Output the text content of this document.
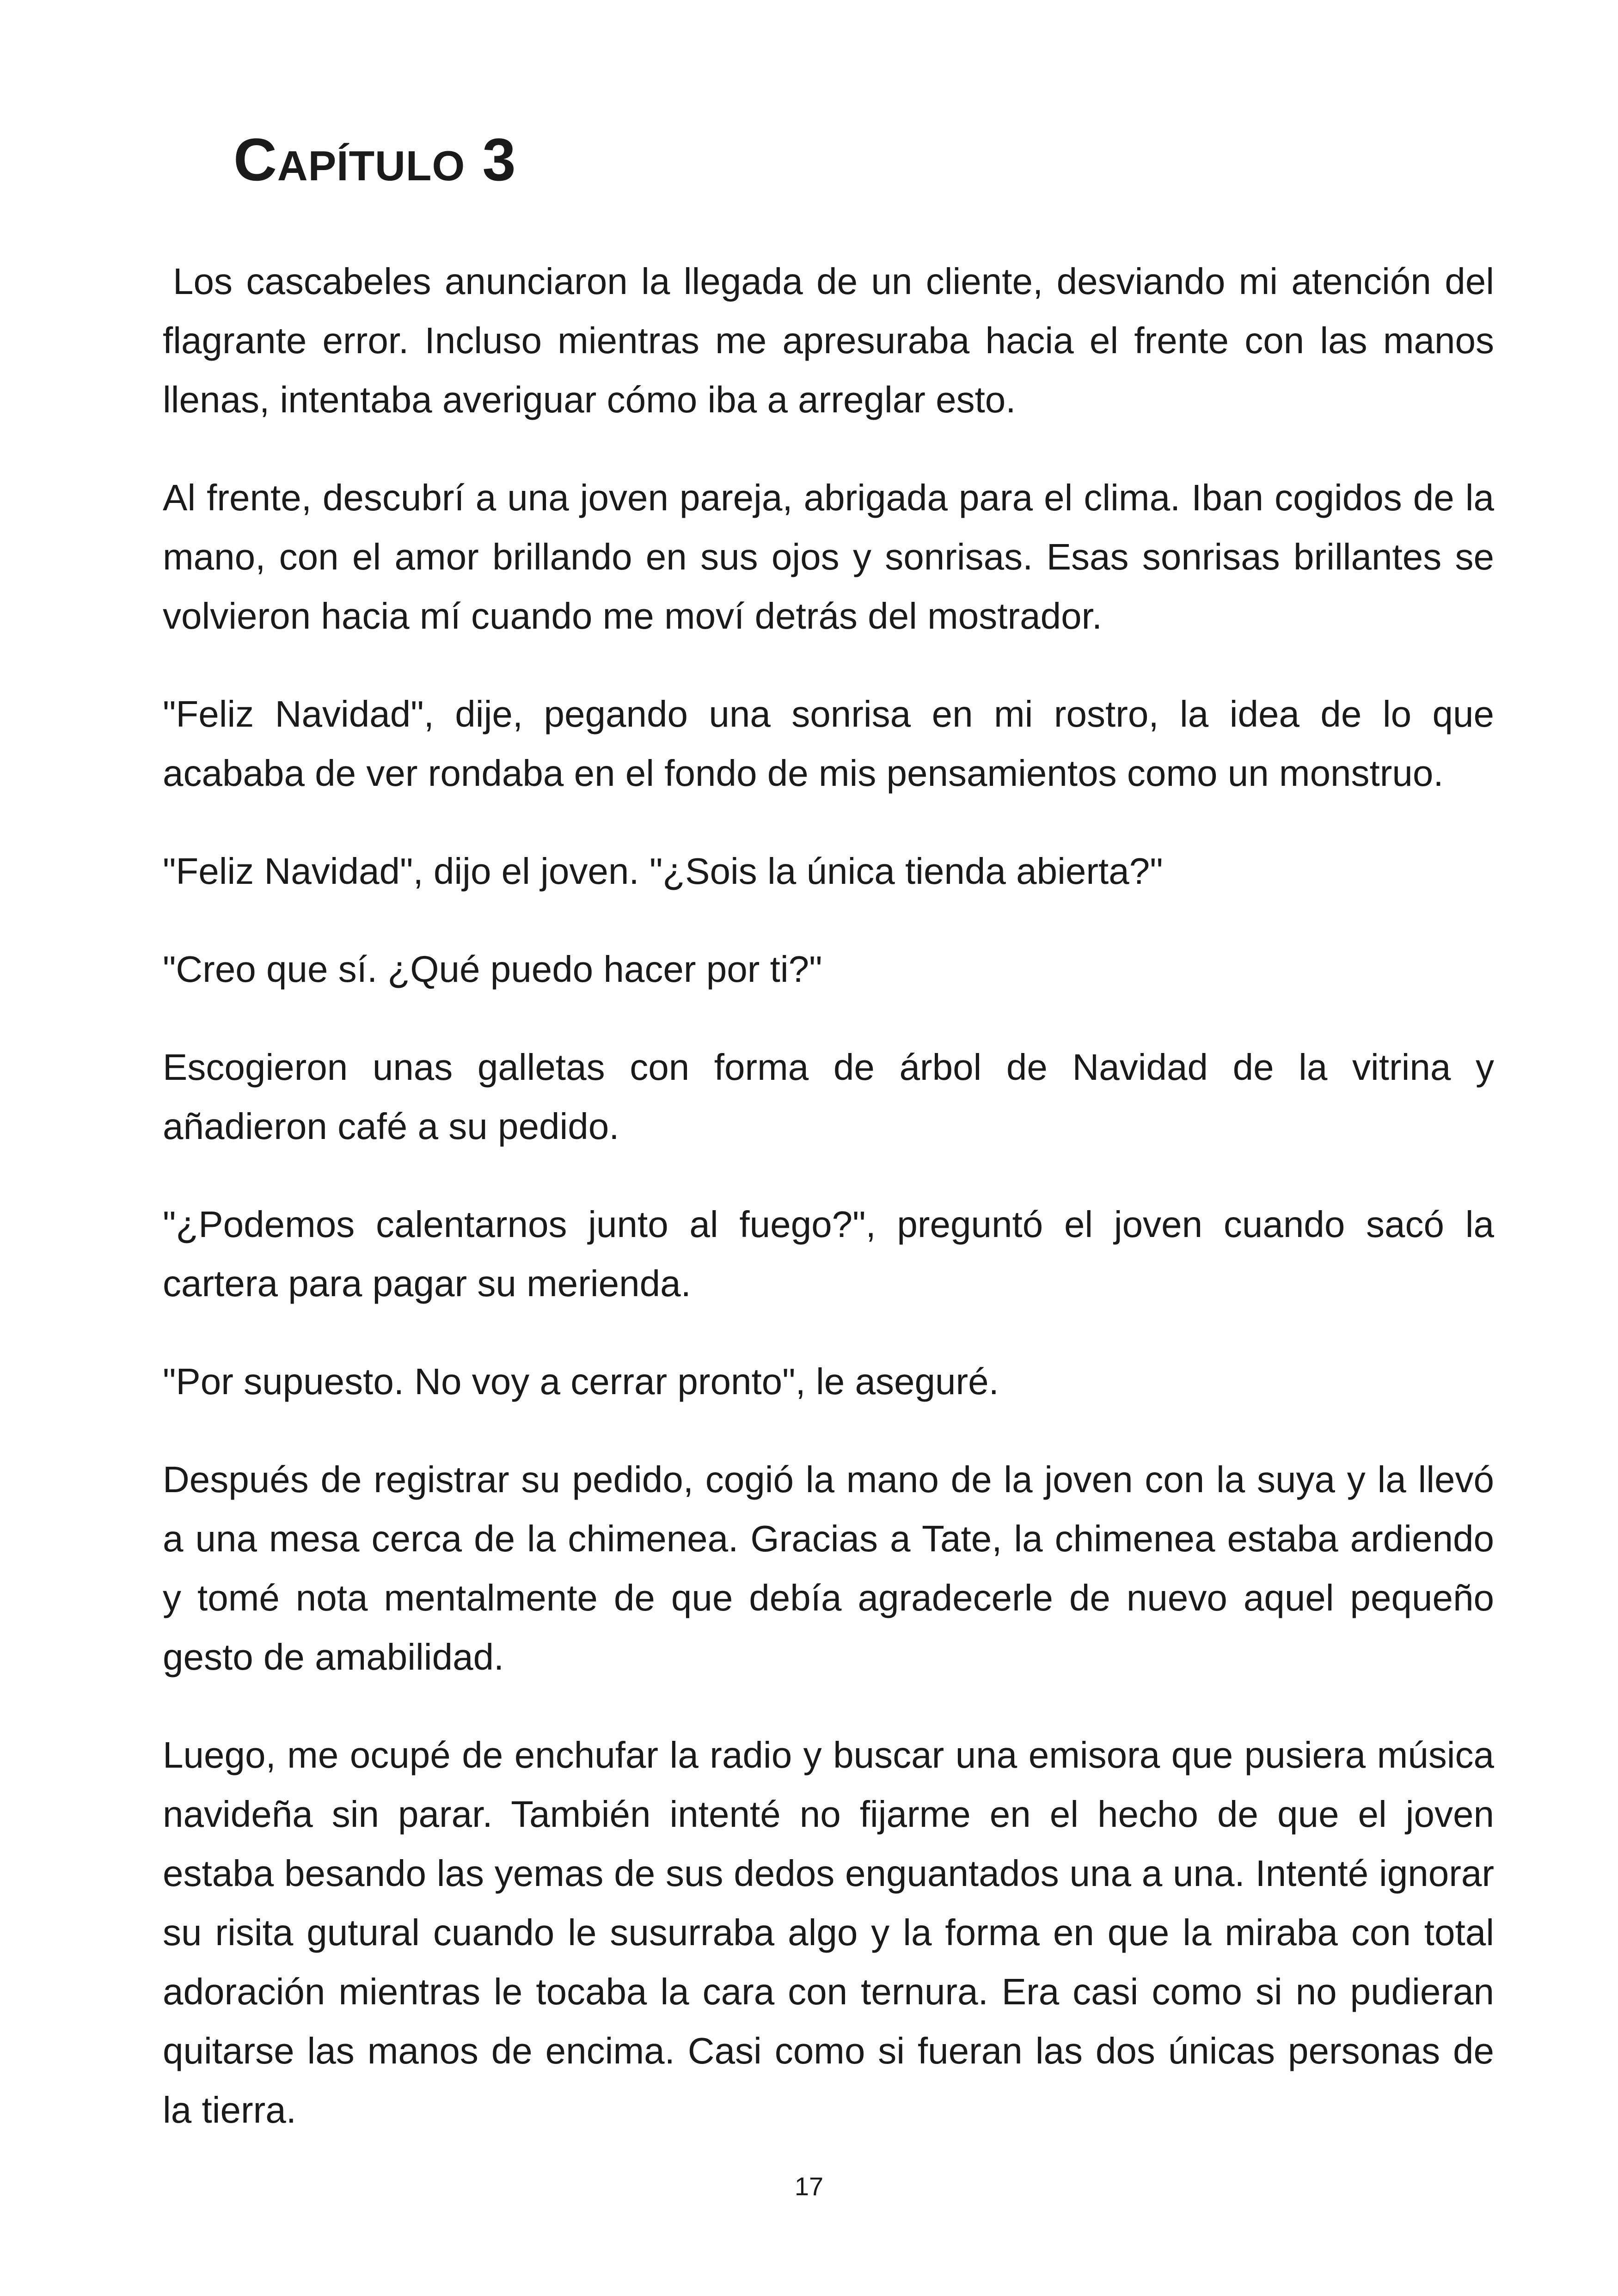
Capítulo 3

Los cascabeles anunciaron la llegada de un cliente, desviando mi atención del flagrante error. Incluso mientras me apresuraba hacia el frente con las manos llenas, intentaba averiguar cómo iba a arreglar esto.

Al frente, descubrí a una joven pareja, abrigada para el clima. Iban cogidos de la mano, con el amor brillando en sus ojos y sonrisas. Esas sonrisas brillantes se volvieron hacia mí cuando me moví detrás del mostrador.

"Feliz Navidad", dije, pegando una sonrisa en mi rostro, la idea de lo que acababa de ver rondaba en el fondo de mis pensamientos como un monstruo.

"Feliz Navidad", dijo el joven. "¿Sois la única tienda abierta?"

"Creo que sí. ¿Qué puedo hacer por ti?"

Escogieron unas galletas con forma de árbol de Navidad de la vitrina y añadieron café a su pedido.

"¿Podemos calentarnos junto al fuego?", preguntó el joven cuando sacó la cartera para pagar su merienda.

"Por supuesto. No voy a cerrar pronto", le aseguré.

Después de registrar su pedido, cogió la mano de la joven con la suya y la llevó a una mesa cerca de la chimenea. Gracias a Tate, la chimenea estaba ardiendo y tomé nota mentalmente de que debía agradecerle de nuevo aquel pequeño gesto de amabilidad.

Luego, me ocupé de enchufar la radio y buscar una emisora que pusiera música navideña sin parar. También intenté no fijarme en el hecho de que el joven estaba besando las yemas de sus dedos enguantados una a una. Intenté ignorar su risita gutural cuando le susurraba algo y la forma en que la miraba con total adoración mientras le tocaba la cara con ternura. Era casi como si no pudieran quitarse las manos de encima. Casi como si fueran las dos únicas personas de la tierra.

17
